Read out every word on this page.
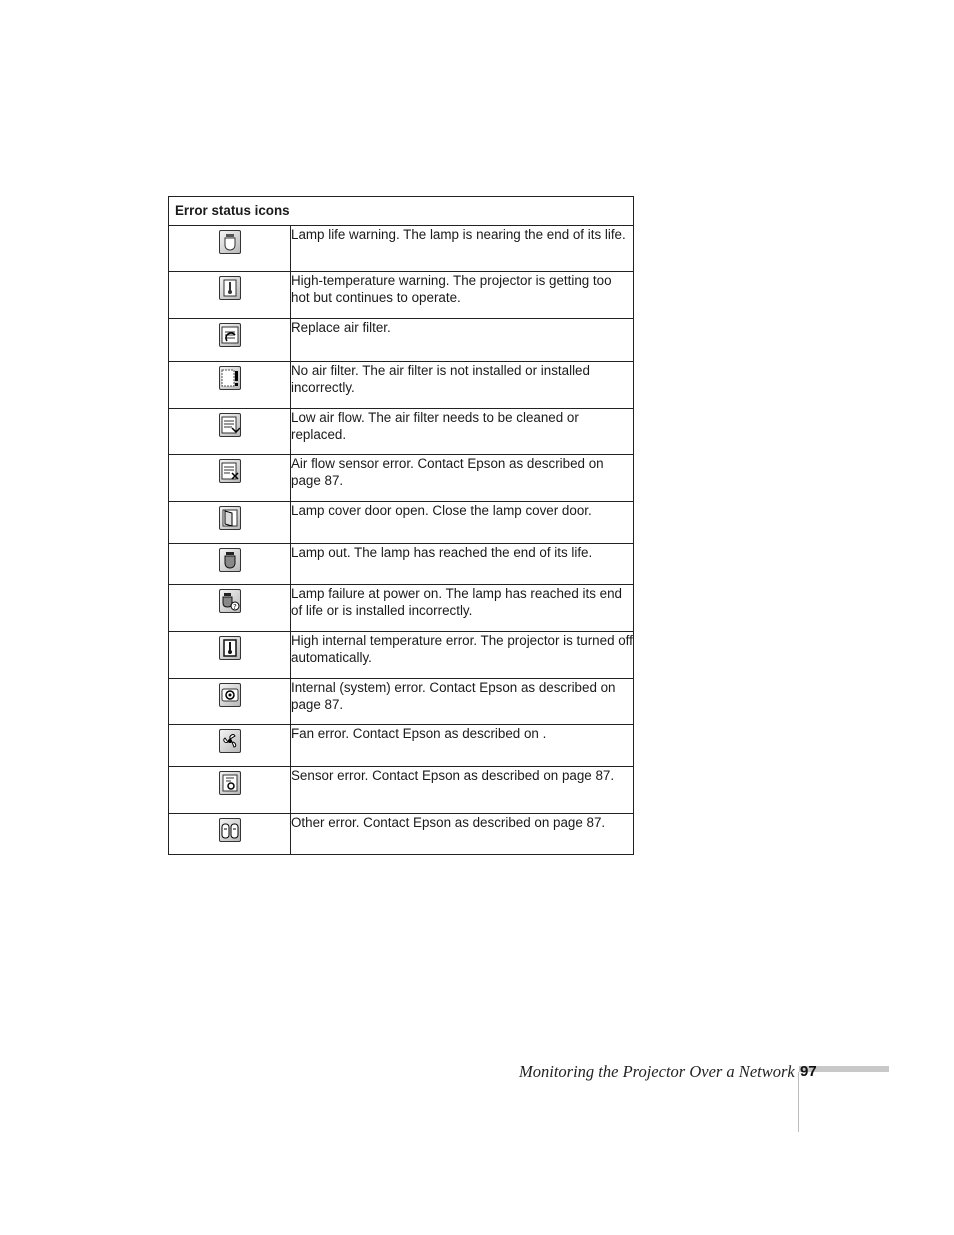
Error status icons	

	Lamp life warning. The lamp is nearing the end of its life.

	High-temperature warning. The projector is getting too hot but continues to operate.

	Replace air filter.

	No air filter. The air filter is not installed or installed incorrectly.

	Low air flow. The air filter needs to be cleaned or replaced.

	Air flow sensor error. Contact Epson as described on page 87.

	Lamp cover door open. Close the lamp cover door.

	Lamp out. The lamp has reached the end of its life.

?	Lamp failure at power on. The lamp has reached its end of life or is installed incorrectly.

	High internal temperature error. The projector is turned off automatically.

	Internal (system) error. Contact Epson as described on page 87.

	Fan error. Contact Epson as described on .

	Sensor error. Contact Epson as described on page 87.

	Other error. Contact Epson as described on page 87.
Monitoring the Projector Over a Network 97
